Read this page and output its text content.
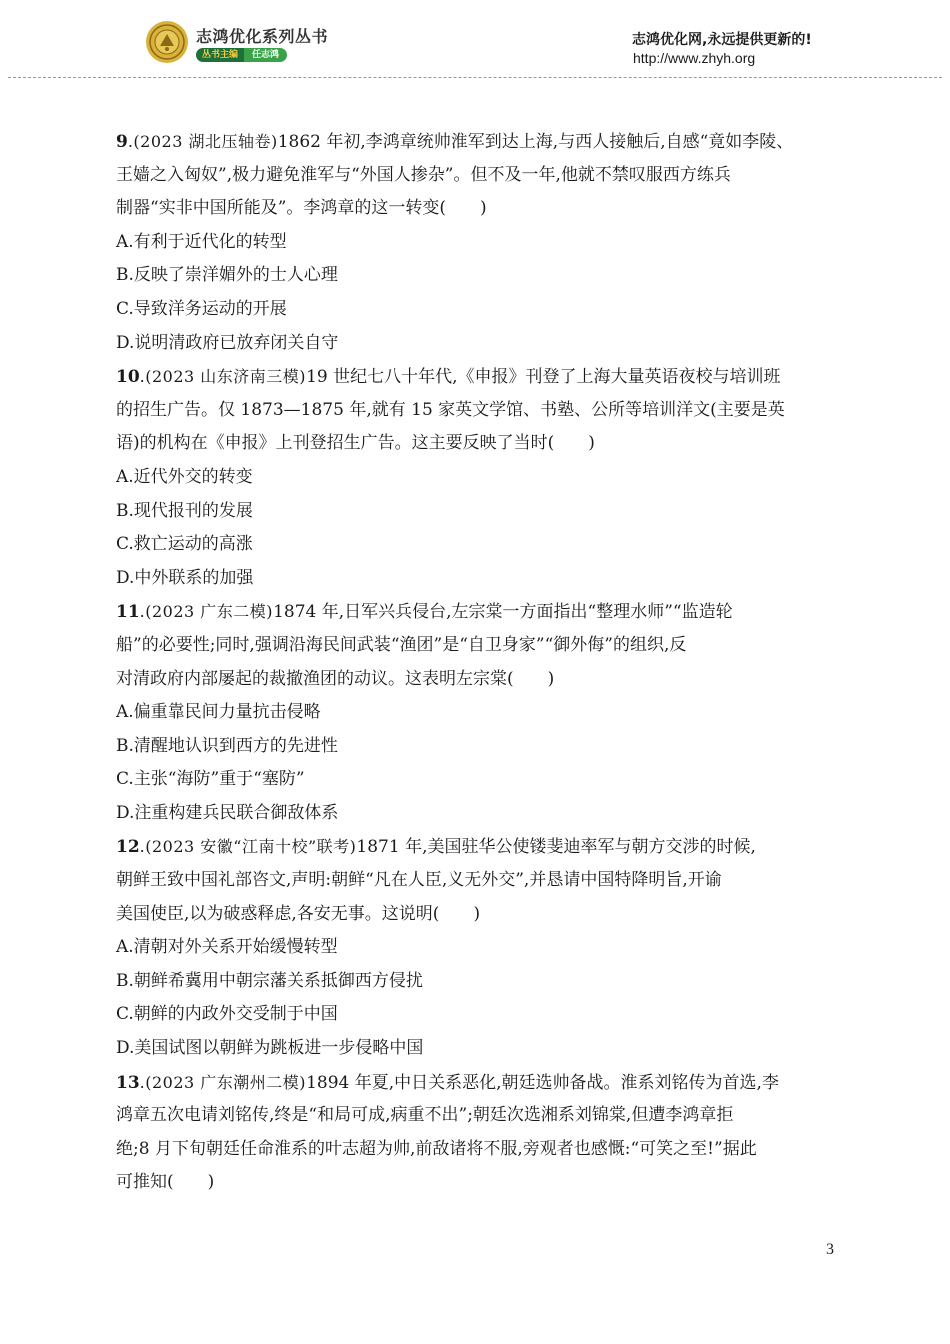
志鸿优化系列丛书
丛书主编	任志鸿
志鸿优化网,永远提供更新的!
http://www.zhyh.org
9.(2023 湖北压轴卷)1862 年初,李鸿章统帅淮军到达上海,与西人接触后,自感“竟如李陵、
王嫱之入匈奴”,极力避免淮军与“外国人掺杂”。但不及一年,他就不禁叹服西方练兵
制器“实非中国所能及”。李鸿章的这一转变(　　)
A.有利于近代化的转型
B.反映了崇洋媚外的士人心理
C.导致洋务运动的开展
D.说明清政府已放弃闭关自守
10.(2023 山东济南三模)19 世纪七八十年代,《申报》刊登了上海大量英语夜校与培训班
的招生广告。仅 1873—1875 年,就有 15 家英文学馆、书塾、公所等培训洋文(主要是英
语)的机构在《申报》上刊登招生广告。这主要反映了当时(　　)
A.近代外交的转变
B.现代报刊的发展
C.救亡运动的高涨
D.中外联系的加强
11.(2023 广东二模)1874 年,日军兴兵侵台,左宗棠一方面指出“整理水师”“监造轮
船”的必要性;同时,强调沿海民间武装“渔团”是“自卫身家”“御外侮”的组织,反
对清政府内部屡起的裁撤渔团的动议。这表明左宗棠(　　)
A.偏重靠民间力量抗击侵略
B.清醒地认识到西方的先进性
C.主张“海防”重于“塞防”
D.注重构建兵民联合御敌体系
12.(2023 安徽“江南十校”联考)1871 年,美国驻华公使镂斐迪率军与朝方交涉的时候,
朝鲜王致中国礼部咨文,声明:朝鲜“凡在人臣,义无外交”,并恳请中国特降明旨,开谕
美国使臣,以为破惑释虑,各安无事。这说明(　　)
A.清朝对外关系开始缓慢转型
B.朝鲜希冀用中朝宗藩关系抵御西方侵扰
C.朝鲜的内政外交受制于中国
D.美国试图以朝鲜为跳板进一步侵略中国
13.(2023 广东潮州二模)1894 年夏,中日关系恶化,朝廷选帅备战。淮系刘铭传为首选,李
鸿章五次电请刘铭传,终是“和局可成,病重不出”;朝廷次选湘系刘锦棠,但遭李鸿章拒
绝;8 月下旬朝廷任命淮系的叶志超为帅,前敌诸将不服,旁观者也感慨:“可笑之至!”据此
可推知(　　)
3
